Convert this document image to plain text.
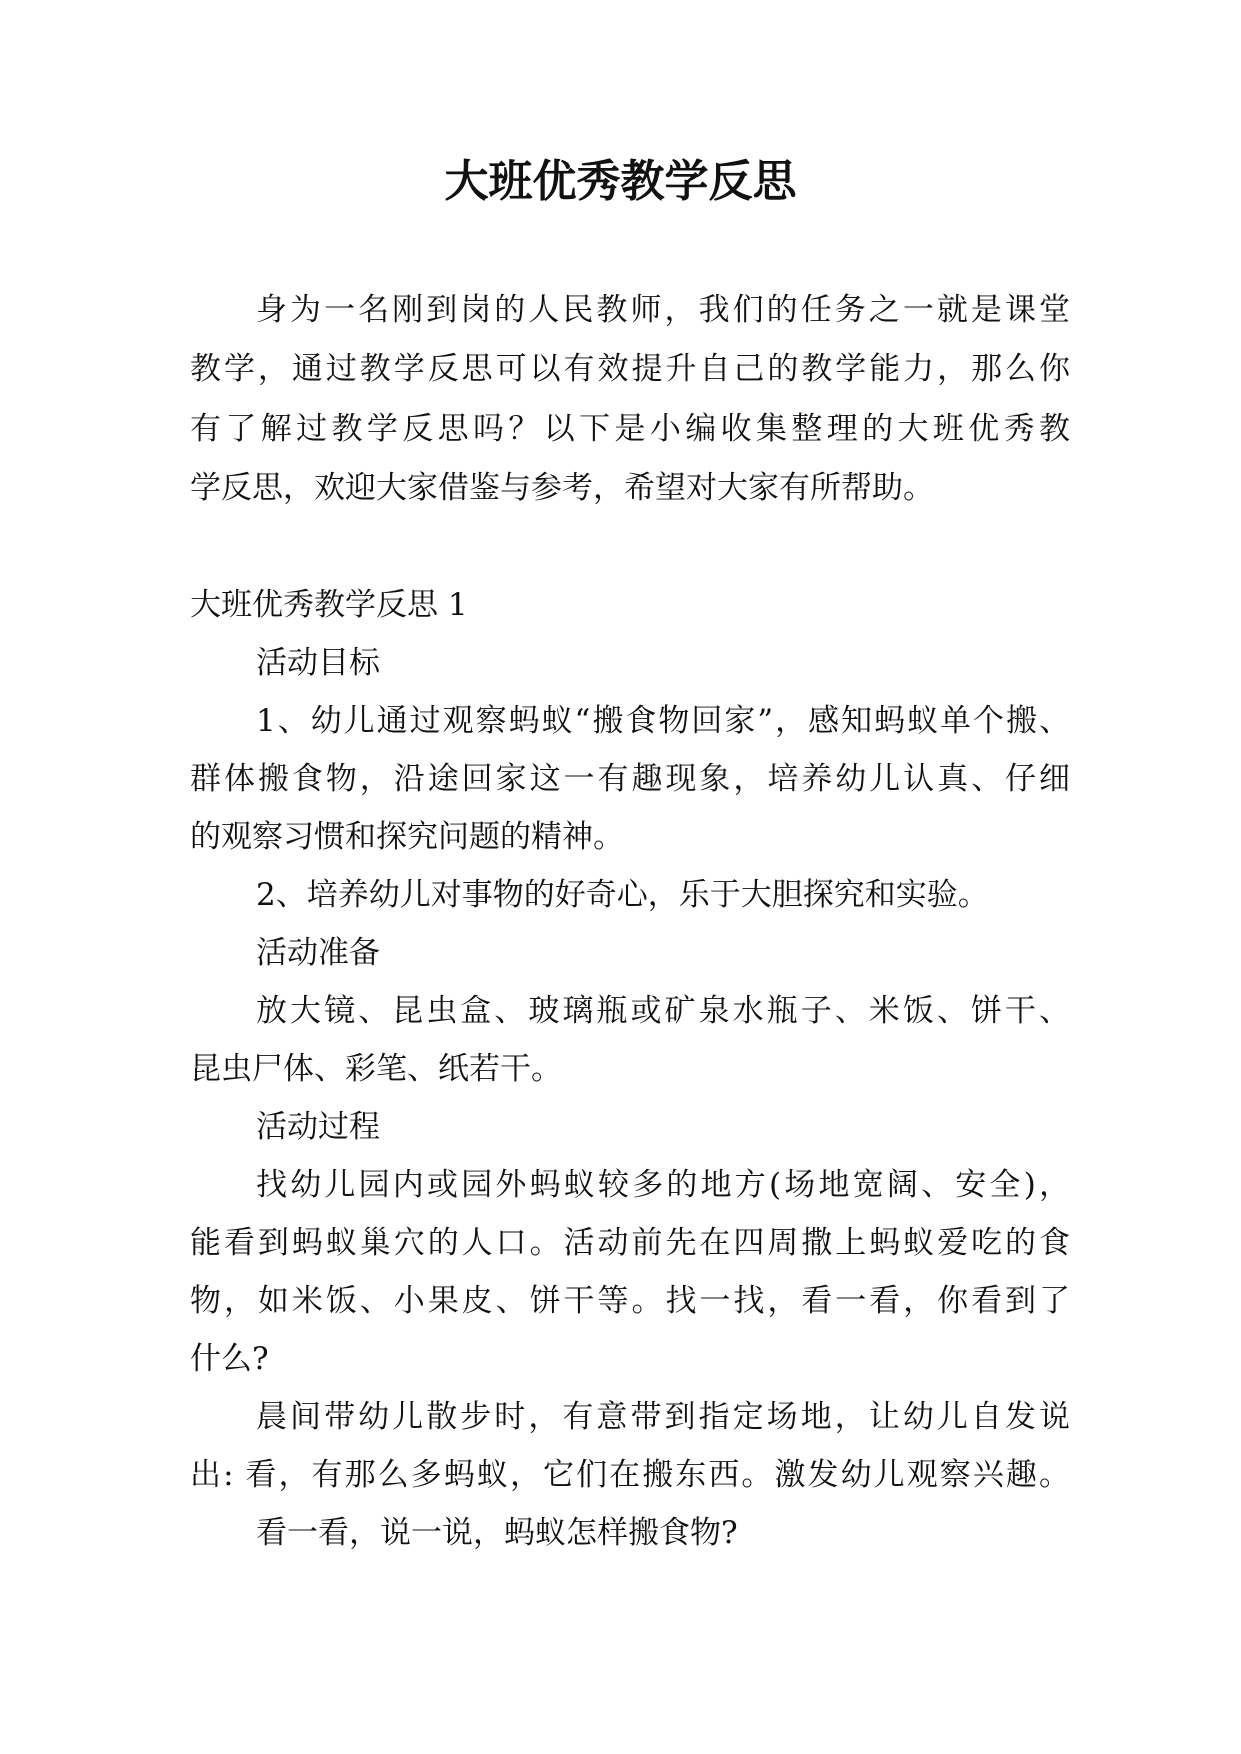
大班优秀教学反思

身为一名刚到岗的人民教师，我们的任务之一就是课堂

教学，通过教学反思可以有效提升自己的教学能力，那么你

有了解过教学反思吗？以下是小编收集整理的大班优秀教

学反思，欢迎大家借鉴与参考，希望对大家有所帮助。

大班优秀教学反思 1

活动目标

1、幼儿通过观察蚂蚁“搬食物回家”，感知蚂蚁单个搬、

群体搬食物，沿途回家这一有趣现象，培养幼儿认真、仔细

的观察习惯和探究问题的精神。

2、培养幼儿对事物的好奇心，乐于大胆探究和实验。

活动准备

放大镜、昆虫盒、玻璃瓶或矿泉水瓶子、米饭、饼干、

昆虫尸体、彩笔、纸若干。

活动过程

找幼儿园内或园外蚂蚁较多的地方(场地宽阔、安全)，

能看到蚂蚁巢穴的人口。活动前先在四周撒上蚂蚁爱吃的食

物，如米饭、小果皮、饼干等。找一找，看一看，你看到了

什么?

晨间带幼儿散步时，有意带到指定场地，让幼儿自发说

出: 看，有那么多蚂蚁，它们在搬东西。激发幼儿观察兴趣。

看一看，说一说，蚂蚁怎样搬食物?
